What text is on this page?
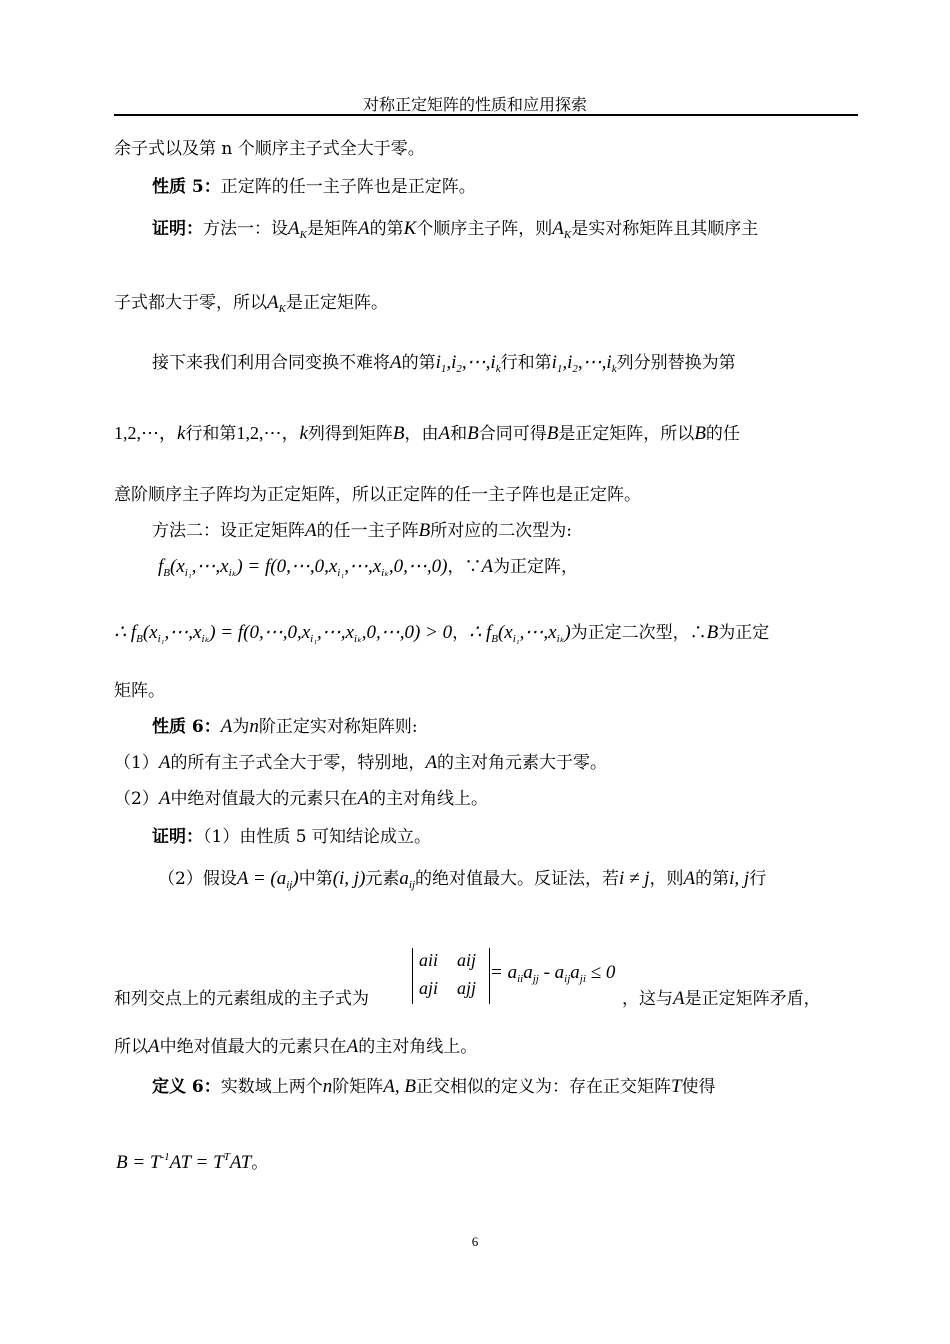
对称正定矩阵的性质和应用探索
余子式以及第 n 个顺序主子式全大于零。
性质 5：正定阵的任一主子阵也是正定阵。
证明：方法一：设$A_K$是矩阵A的第K个顺序主子阵，则$A_K$是实对称矩阵且其顺序主
子式都大于零，所以$A_K$是正定矩阵。
接下来我们利用合同变换不难将A的第$i_1,i_2,\cdots,i_k$行和第$i_1,i_2,\cdots,i_k$列分别替换为第
1,2,⋯，k行和第1,2,⋯，k列得到矩阵B，由A和B合同可得B是正定矩阵，所以B的任
意阶顺序主子阵均为正定矩阵，所以正定阵的任一主子阵也是正定阵。
方法二：设正定矩阵A的任一主子阵B所对应的二次型为:
$f_B(x_{i_1},\cdots,x_{i_k})$ = $f(0,\cdots,0,x_{i_1},\cdots,x_{i_k},0,\cdots,0)$，∵A为正定阵，
∴ $f_B(x_{i_1},\cdots,x_{i_k})$ = $f(0,\cdots,0,x_{i_1},\cdots,x_{i_k},0,\cdots,0) > 0$，∴ $f_B(x_{i_1},\cdots,x_{i_k})$为正定二次型，∴B为正定
矩阵。
性质 6：A为n阶正定实对称矩阵则:
（1）A的所有主子式全大于零，特别地，A的主对角元素大于零。
（2）A中绝对值最大的元素只在A的主对角线上。
证明：（1）由性质 5 可知结论成立。
（2）假设$A = (a_{ij})$中第(i, j)元素$a_{ij}$的绝对值最大。反证法，若i ≠ j，则A的第i, j行
a ii a ij
a ji a jj
= $a_{ii}a_{jj} - a_{ij}a_{ji} \le 0$
和列交点上的元素组成的主子式为	，这与A是正定矩阵矛盾，
所以A中绝对值最大的元素只在A的主对角线上。
定义 6：实数域上两个n阶矩阵A, B正交相似的定义为：存在正交矩阵T使得
$B = T^{-1}AT = T^TAT$。
6
